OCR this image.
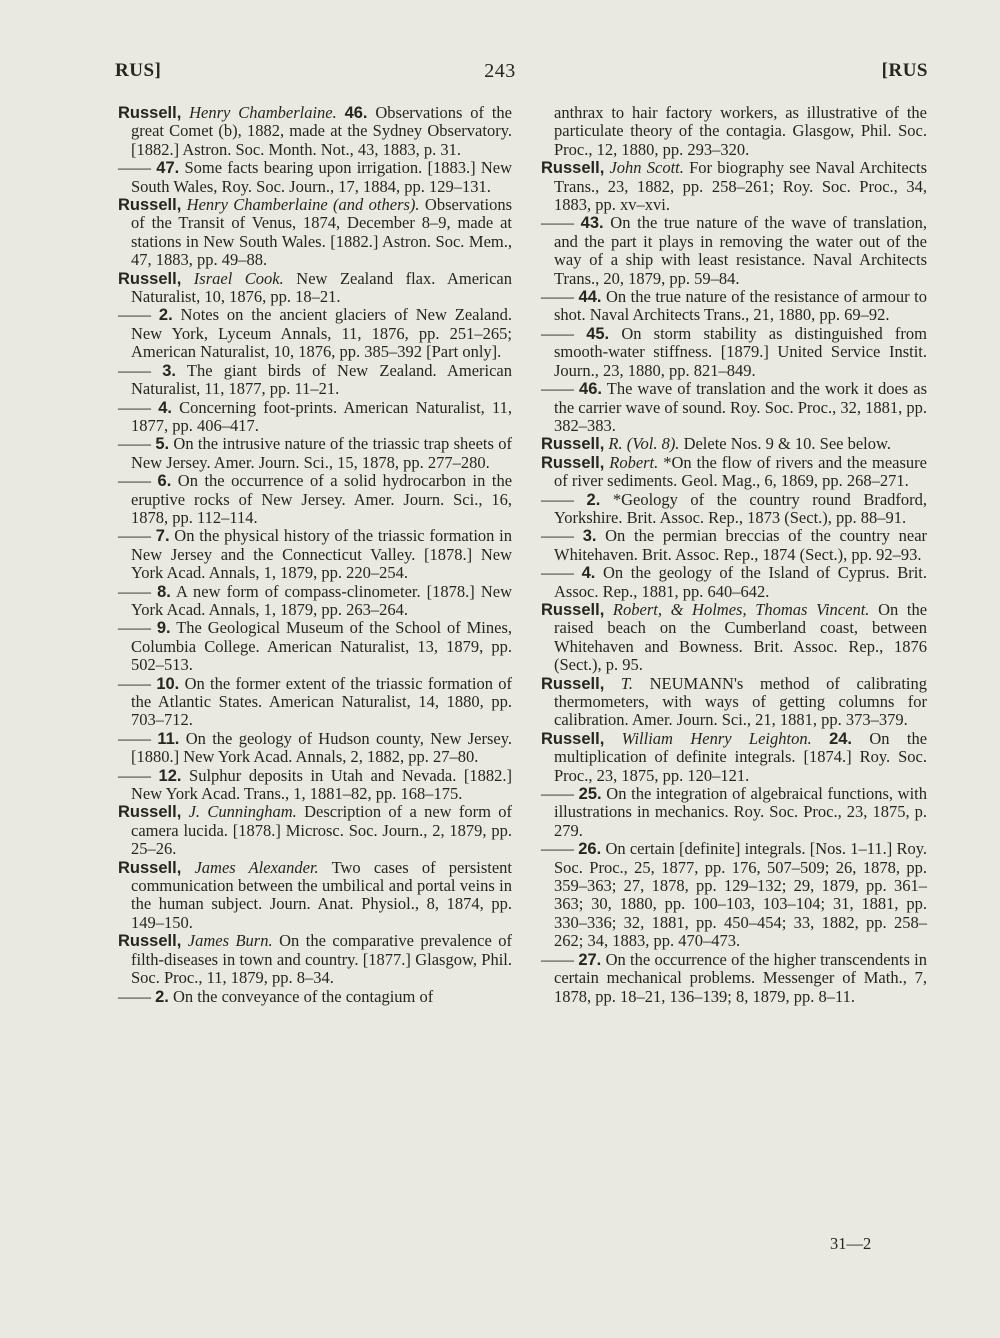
RUS]	243	[RUS

Russell, Henry Chamberlaine. 46. Observations of the great Comet (b), 1882, made at the Sydney Observatory. [1882.] Astron. Soc. Month. Not., 43, 1883, p. 31.

—— 47. Some facts bearing upon irrigation. [1883.] New South Wales, Roy. Soc. Journ., 17, 1884, pp. 129–131.

Russell, Henry Chamberlaine (and others). Observations of the Transit of Venus, 1874, December 8–9, made at stations in New South Wales. [1882.] Astron. Soc. Mem., 47, 1883, pp. 49–88.

Russell, Israel Cook. New Zealand flax. American Naturalist, 10, 1876, pp. 18–21.

—— 2. Notes on the ancient glaciers of New Zealand. New York, Lyceum Annals, 11, 1876, pp. 251–265; American Naturalist, 10, 1876, pp. 385–392 [Part only].

—— 3. The giant birds of New Zealand. American Naturalist, 11, 1877, pp. 11–21.

—— 4. Concerning foot-prints. American Naturalist, 11, 1877, pp. 406–417.

—— 5. On the intrusive nature of the triassic trap sheets of New Jersey. Amer. Journ. Sci., 15, 1878, pp. 277–280.

—— 6. On the occurrence of a solid hydrocarbon in the eruptive rocks of New Jersey. Amer. Journ. Sci., 16, 1878, pp. 112–114.

—— 7. On the physical history of the triassic formation in New Jersey and the Connecticut Valley. [1878.] New York Acad. Annals, 1, 1879, pp. 220–254.

—— 8. A new form of compass-clinometer. [1878.] New York Acad. Annals, 1, 1879, pp. 263–264.

—— 9. The Geological Museum of the School of Mines, Columbia College. American Naturalist, 13, 1879, pp. 502–513.

—— 10. On the former extent of the triassic formation of the Atlantic States. American Naturalist, 14, 1880, pp. 703–712.

—— 11. On the geology of Hudson county, New Jersey. [1880.] New York Acad. Annals, 2, 1882, pp. 27–80.

—— 12. Sulphur deposits in Utah and Nevada. [1882.] New York Acad. Trans., 1, 1881–82, pp. 168–175.

Russell, J. Cunningham. Description of a new form of camera lucida. [1878.] Microsc. Soc. Journ., 2, 1879, pp. 25–26.

Russell, James Alexander. Two cases of persistent communication between the umbilical and portal veins in the human subject. Journ. Anat. Physiol., 8, 1874, pp. 149–150.

Russell, James Burn. On the comparative prevalence of filth-diseases in town and country. [1877.] Glasgow, Phil. Soc. Proc., 11, 1879, pp. 8–34.

—— 2. On the conveyance of the contagium of

anthrax to hair factory workers, as illustrative of the particulate theory of the contagia. Glasgow, Phil. Soc. Proc., 12, 1880, pp. 293–320.

Russell, John Scott. For biography see Naval Architects Trans., 23, 1882, pp. 258–261; Roy. Soc. Proc., 34, 1883, pp. xv–xvi.

—— 43. On the true nature of the wave of translation, and the part it plays in removing the water out of the way of a ship with least resistance. Naval Architects Trans., 20, 1879, pp. 59–84.

—— 44. On the true nature of the resistance of armour to shot. Naval Architects Trans., 21, 1880, pp. 69–92.

—— 45. On storm stability as distinguished from smooth-water stiffness. [1879.] United Service Instit. Journ., 23, 1880, pp. 821–849.

—— 46. The wave of translation and the work it does as the carrier wave of sound. Roy. Soc. Proc., 32, 1881, pp. 382–383.

Russell, R. (Vol. 8). Delete Nos. 9 & 10. See below.

Russell, Robert. *On the flow of rivers and the measure of river sediments. Geol. Mag., 6, 1869, pp. 268–271.

—— 2. *Geology of the country round Bradford, Yorkshire. Brit. Assoc. Rep., 1873 (Sect.), pp. 88–91.

—— 3. On the permian breccias of the country near Whitehaven. Brit. Assoc. Rep., 1874 (Sect.), pp. 92–93.

—— 4. On the geology of the Island of Cyprus. Brit. Assoc. Rep., 1881, pp. 640–642.

Russell, Robert, & Holmes, Thomas Vincent. On the raised beach on the Cumberland coast, between Whitehaven and Bowness. Brit. Assoc. Rep., 1876 (Sect.), p. 95.

Russell, T. NEUMANN's method of calibrating thermometers, with ways of getting columns for calibration. Amer. Journ. Sci., 21, 1881, pp. 373–379.

Russell, William Henry Leighton. 24. On the multiplication of definite integrals. [1874.] Roy. Soc. Proc., 23, 1875, pp. 120–121.

—— 25. On the integration of algebraical functions, with illustrations in mechanics. Roy. Soc. Proc., 23, 1875, p. 279.

—— 26. On certain [definite] integrals. [Nos. 1–11.] Roy. Soc. Proc., 25, 1877, pp. 176, 507–509; 26, 1878, pp. 359–363; 27, 1878, pp. 129–132; 29, 1879, pp. 361–363; 30, 1880, pp. 100–103, 103–104; 31, 1881, pp. 330–336; 32, 1881, pp. 450–454; 33, 1882, pp. 258–262; 34, 1883, pp. 470–473.

—— 27. On the occurrence of the higher transcendents in certain mechanical problems. Messenger of Math., 7, 1878, pp. 18–21, 136–139; 8, 1879, pp. 8–11.

31—2
